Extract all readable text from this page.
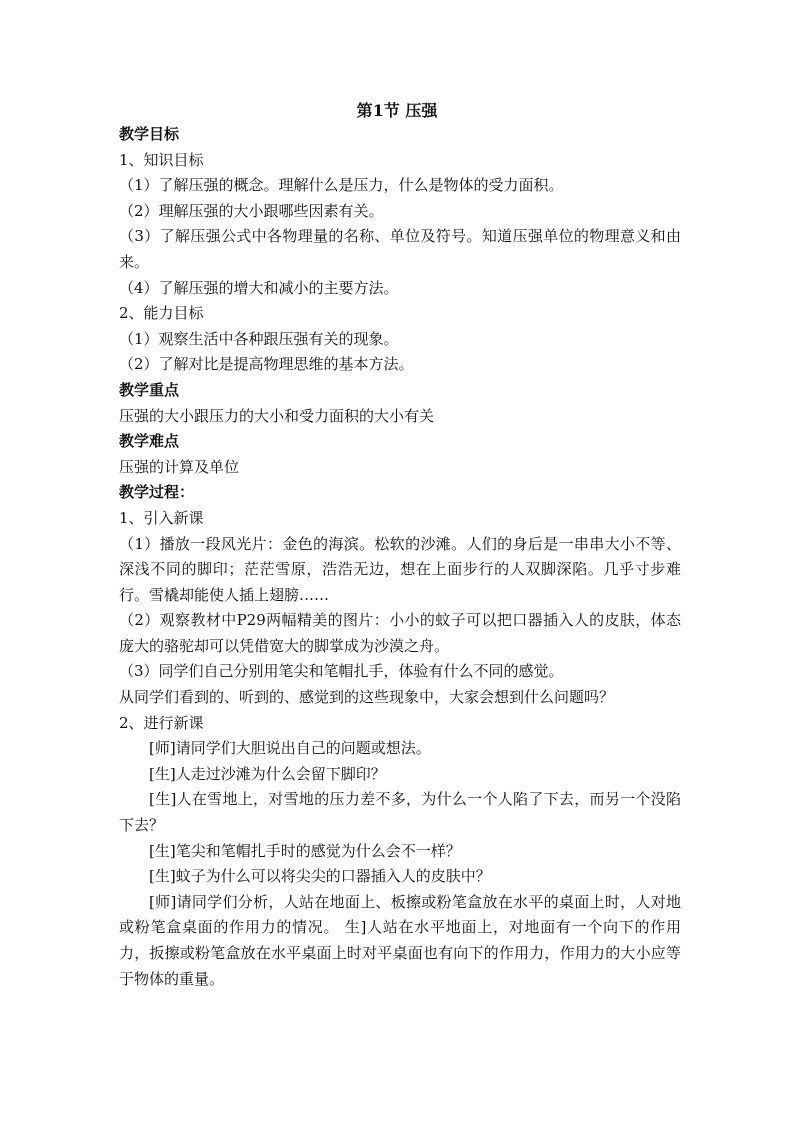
第1节 压强
教学目标
1、知识目标
（1）了解压强的概念。理解什么是压力，什么是物体的受力面积。
（2）理解压强的大小跟哪些因素有关。
（3）了解压强公式中各物理量的名称、单位及符号。知道压强单位的物理意义和由来。
（4）了解压强的增大和减小的主要方法。
2、能力目标
（1）观察生活中各种跟压强有关的现象。
（2）了解对比是提高物理思维的基本方法。
教学重点
压强的大小跟压力的大小和受力面积的大小有关
教学难点
压强的计算及单位
教学过程：
1、引入新课
（1）播放一段风光片：金色的海滨。松软的沙滩。人们的身后是一串串大小不等、深浅不同的脚印；茫茫雪原，浩浩无边，想在上面步行的人双脚深陷。几乎寸步难行。雪橇却能使人插上翅膀……
（2）观察教材中P29两幅精美的图片：小小的蚊子可以把口器插入人的皮肤，体态庞大的骆驼却可以凭借宽大的脚掌成为沙漠之舟。
（3）同学们自己分别用笔尖和笔帽扎手，体验有什么不同的感觉。
从同学们看到的、听到的、感觉到的这些现象中，大家会想到什么问题吗？
2、进行新课
[师]请同学们大胆说出自己的问题或想法。
[生]人走过沙滩为什么会留下脚印？
[生]人在雪地上，对雪地的压力差不多，为什么一个人陷了下去，而另一个没陷下去？
[生]笔尖和笔帽扎手时的感觉为什么会不一样？
[生]蚊子为什么可以将尖尖的口器插入人的皮肤中？
[师]请同学们分析，人站在地面上、板擦或粉笔盒放在水平的桌面上时，人对地或粉笔盒桌面的作用力的情况。 生]人站在水平地面上，对地面有一个向下的作用力，扳擦或粉笔盒放在水平桌面上时对平桌面也有向下的作用力，作用力的大小应等于物体的重量。
